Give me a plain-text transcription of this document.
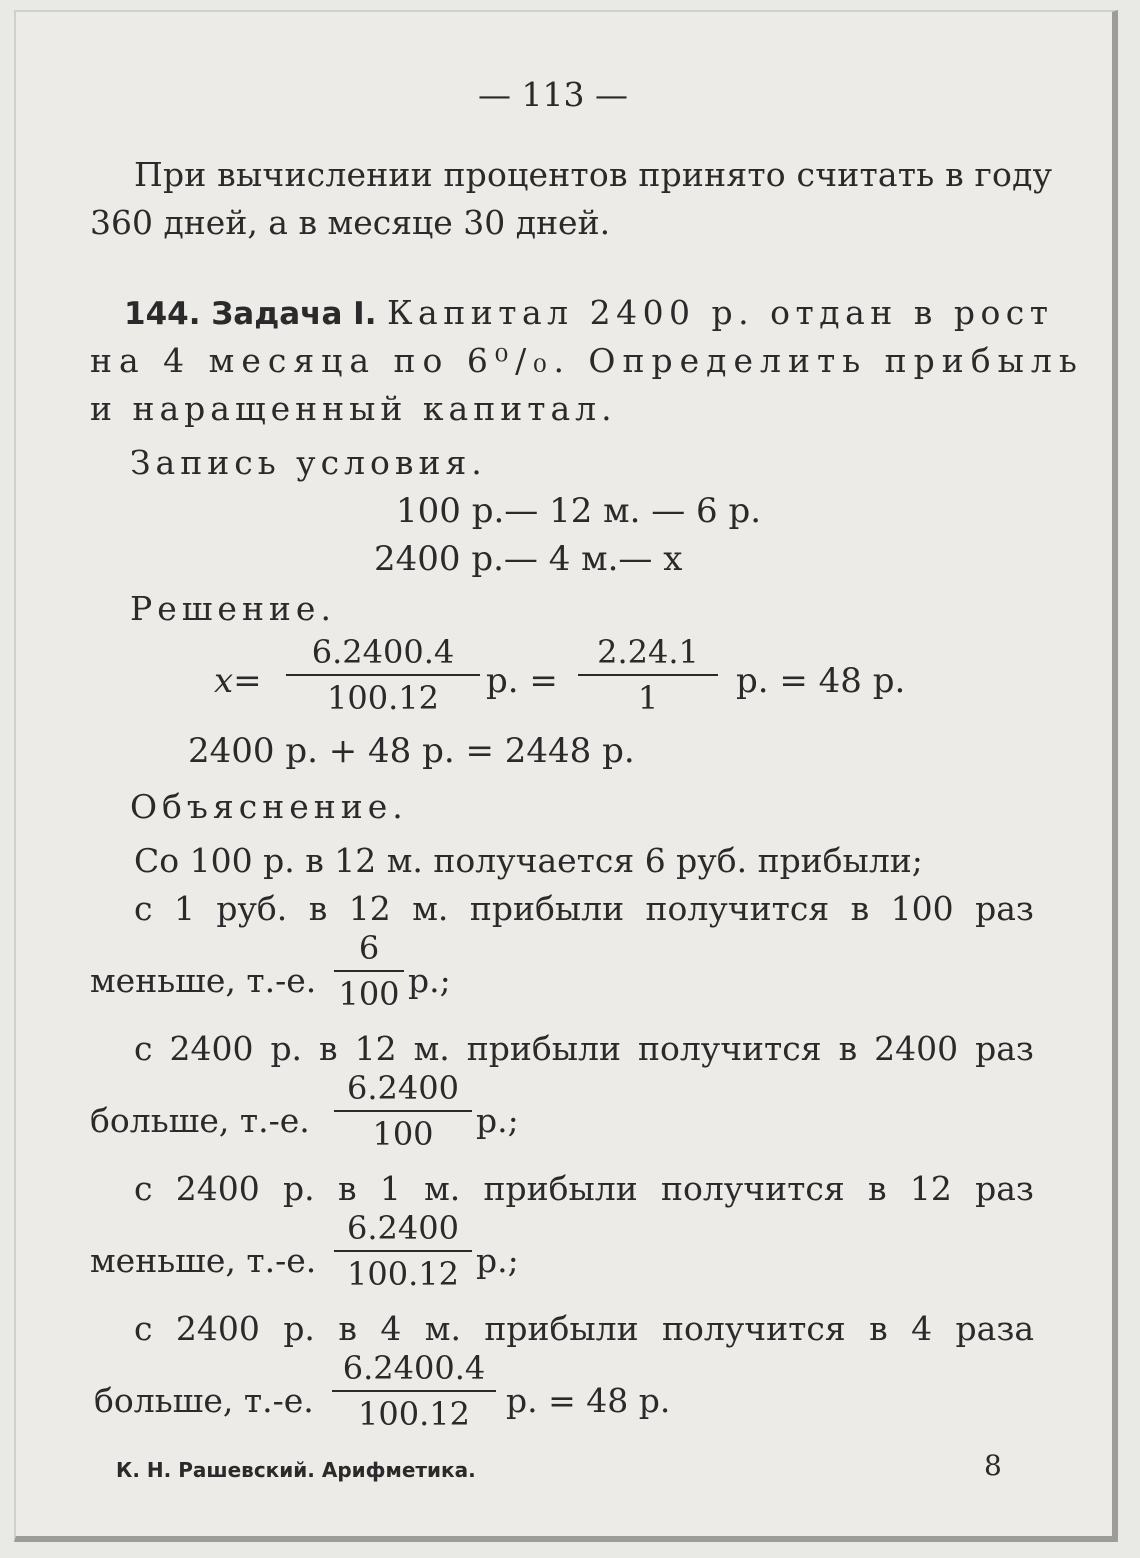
— 113 —
При вычислении процентов принято считать в году
360 дней, а в месяце 30 дней.
144. Задача I. Капитал 2400 р. отдан в рост
на 4 месяца по 6⁰/₀. Определить прибыль
и наращенный капитал.
Запись условия.
100 р.— 12 м. — 6 р.
2400 р.— 4 м.— x
Решение.
x=
6.2400.4
100.12	р. =
2.24.1
1	р. = 48 р.
2400 р. + 48 р. = 2448 р.
Объяснение.
Со 100 р. в 12 м. получается 6 руб. прибыли;
с 1 руб. в 12 м. прибыли получится в 100 раз
меньше, т.-е.
6
100 р.;
с 2400 р. в 12 м. прибыли получится в 2400 раз
больше, т.-е.
6.2400
100	р.;
с 2400 р. в 1 м. прибыли получится в 12 раз
меньше, т.-е.
6.2400
100.12 р.;
с 2400 р. в 4 м. прибыли получится в 4 раза
больше, т.-е.
6.2400.4
100.12	р. = 48 р.
К. Н. Рашевский. Арифметика.	8
